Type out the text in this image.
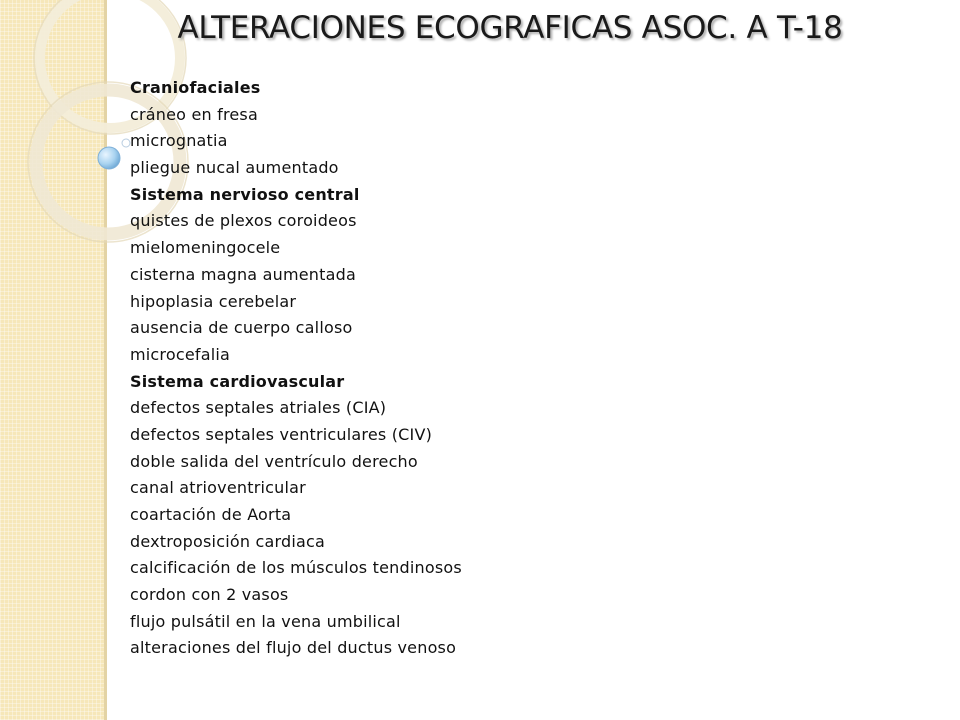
ALTERACIONES ECOGRAFICAS ASOC. A T-18
Craniofaciales
cráneo en fresa
micrognatia
pliegue nucal aumentado
Sistema nervioso central
quistes de plexos coroideos
mielomeningocele
cisterna magna aumentada
hipoplasia cerebelar
ausencia de cuerpo calloso
microcefalia
Sistema cardiovascular
defectos septales atriales (CIA)
defectos septales ventriculares (CIV)
doble salida del ventrículo derecho
canal atrioventricular
coartación de Aorta
dextroposición cardiaca
calcificación de los músculos tendinosos
cordon con 2 vasos
flujo pulsátil en la vena umbilical
alteraciones del flujo del ductus venoso
